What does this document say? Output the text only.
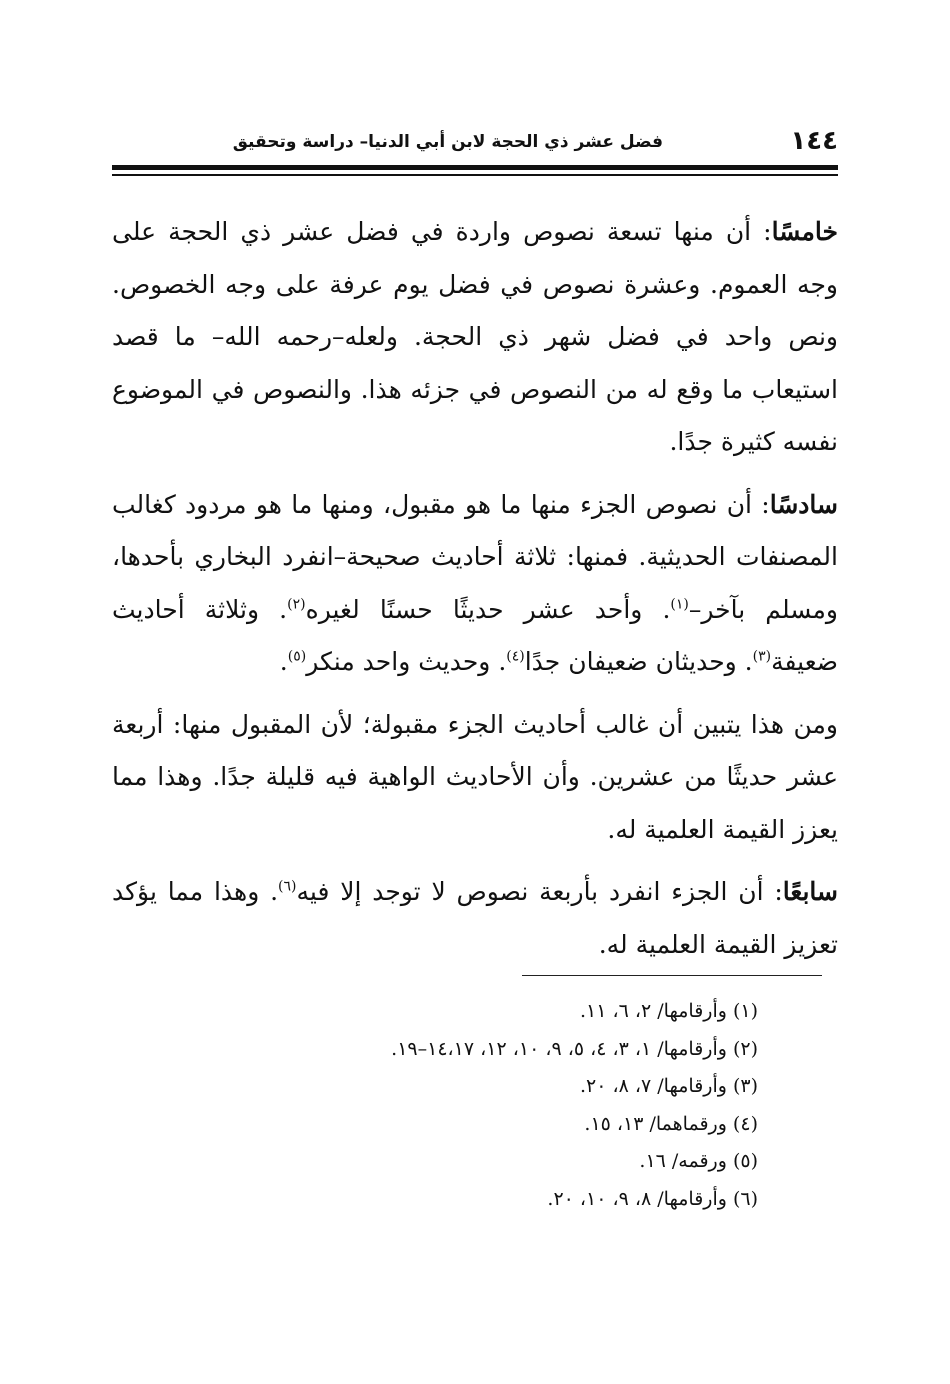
١٤٤
فضل عشر ذي الحجة لابن أبي الدنيا– دراسة وتحقيق

خامسًا: أن منها تسعة نصوص واردة في فضل عشر ذي الحجة على وجه العموم. وعشرة نصوص في فضل يوم عرفة على وجه الخصوص. ونص واحد في فضل شهر ذي الحجة. ولعله–رحمه الله– ما قصد استيعاب ما وقع له من النصوص في جزئه هذا. والنصوص في الموضوع نفسه كثيرة جدًا.

سادسًا: أن نصوص الجزء منها ما هو مقبول، ومنها ما هو مردود كغالب المصنفات الحديثية. فمنها: ثلاثة أحاديث صحيحة–انفرد البخاري بأحدها، ومسلم بآخر–$^{(١)}$. وأحد عشر حديثًا حسنًا لغيره$^{(٢)}$. وثلاثة أحاديث ضعيفة$^{(٣)}$. وحديثان ضعيفان جدًا$^{(٤)}$. وحديث واحد منكر$^{(٥)}$.

ومن هذا يتبين أن غالب أحاديث الجزء مقبولة؛ لأن المقبول منها: أربعة عشر حديثًا من عشرين. وأن الأحاديث الواهية فيه قليلة جدًا. وهذا مما يعزز القيمة العلمية له.

سابعًا: أن الجزء انفرد بأربعة نصوص لا توجد إلا فيه$^{(٦)}$. وهذا مما يؤكد تعزيز القيمة العلمية له.

(١) وأرقامها/ ٢، ٦، ١١.
(٢) وأرقامها/ ١، ٣، ٤، ٥، ٩، ١٠، ١٢، ١٤،١٧–١٩.
(٣) وأرقامها/ ٧، ٨، ٢٠.
(٤) ورقماهما/ ١٣، ١٥.
(٥) ورقمه/ ١٦.
(٦) وأرقامها/ ٨، ٩، ١٠، ٢٠.
